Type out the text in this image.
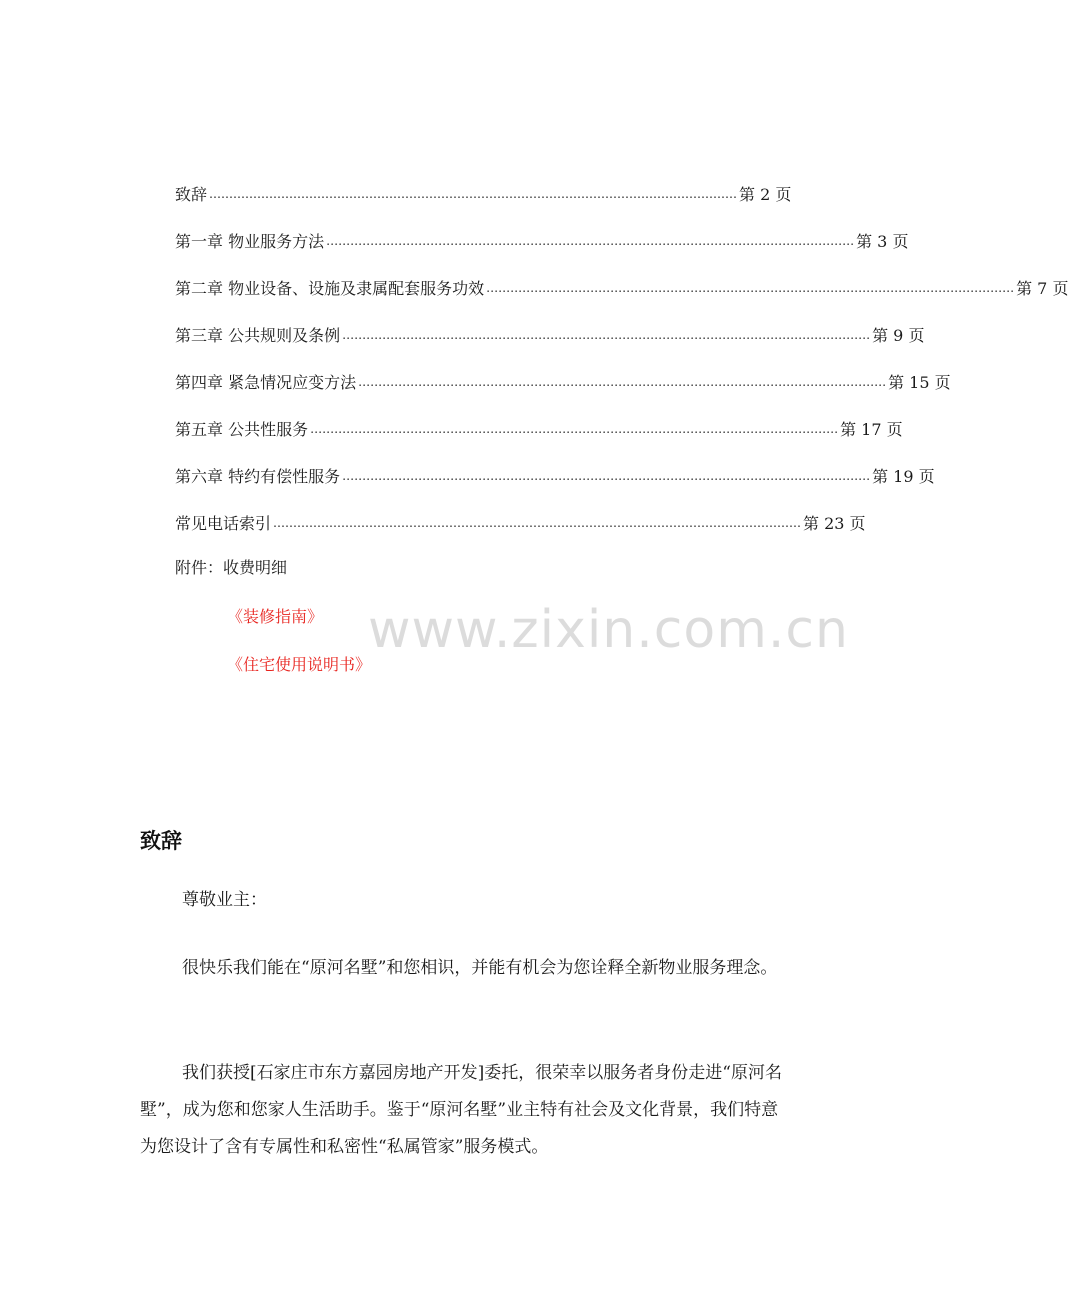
致辞 …………………………………………………………………………………………………………………… 第 2 页
第一章 物业服务方法 …………………………………………………………………………………………………………………… 第 3 页
第二章 物业设备、设施及隶属配套服务功效 …………………………………………………………………………………………………………………… 第 7 页
第三章 公共规则及条例 …………………………………………………………………………………………………………………… 第 9 页
第四章 紧急情况应变方法 …………………………………………………………………………………………………………………… 第 15 页
第五章 公共性服务 …………………………………………………………………………………………………………………… 第 17 页
第六章 特约有偿性服务 …………………………………………………………………………………………………………………… 第 19 页
常见电话索引 …………………………………………………………………………………………………………………… 第 23 页
附件：收费明细
《装修指南》
《住宅使用说明书》
www.zixin.com.cn
致辞
尊敬业主：
很快乐我们能在“原河名墅”和您相识，并能有机会为您诠释全新物业服务理念。
我们获授[石家庄市东方嘉园房地产开发]委托，很荣幸以服务者身份走进“原河名墅”，成为您和您家人生活助手。鉴于“原河名墅”业主特有社会及文化背景，我们特意为您设计了含有专属性和私密性“私属管家”服务模式。
